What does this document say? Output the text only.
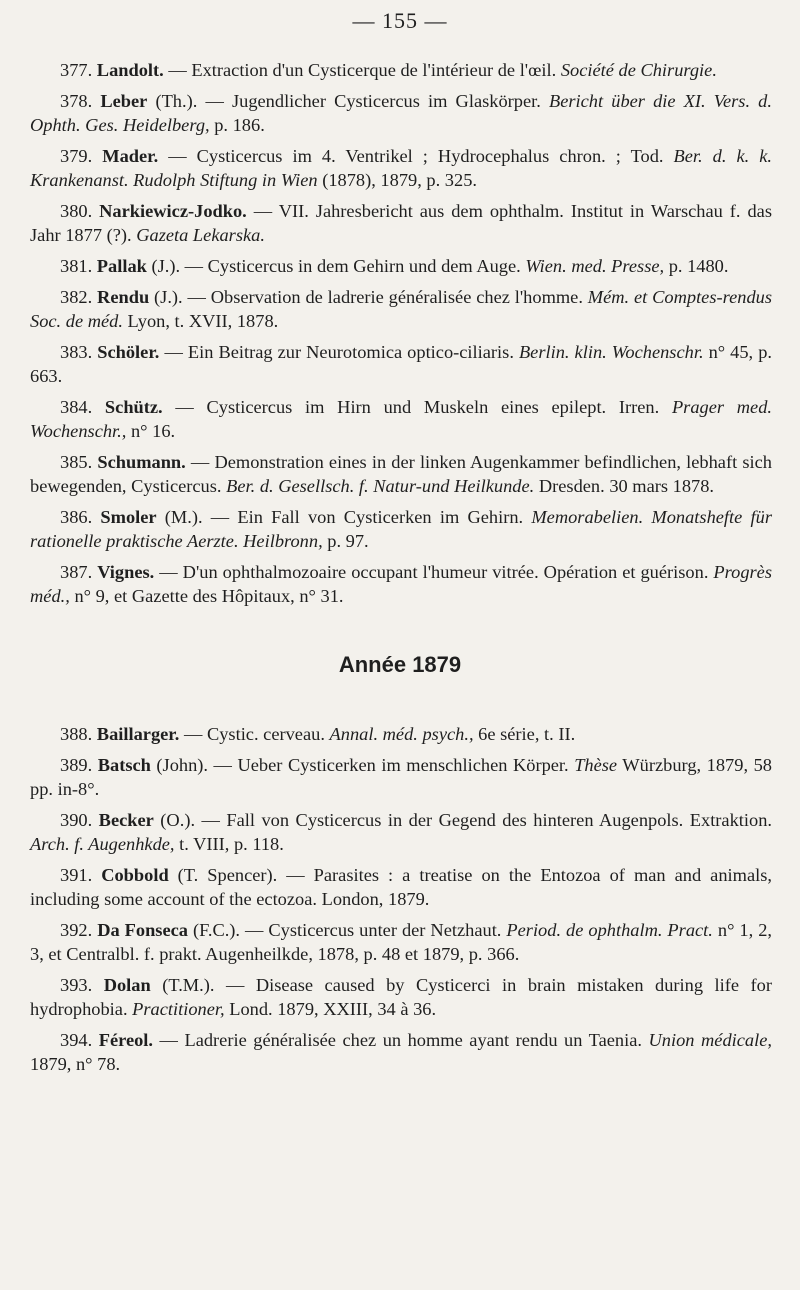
— 155 —
377. Landolt. — Extraction d'un Cysticerque de l'intérieur de l'œil. Société de Chirurgie.
378. Leber (Th.). — Jugendlicher Cysticercus im Glaskörper. Bericht über die XI. Vers. d. Ophth. Ges. Heidelberg, p. 186.
379. Mader. — Cysticercus im 4. Ventrikel ; Hydrocephalus chron. ; Tod. Ber. d. k. k. Krankenanst. Rudolph Stiftung in Wien (1878), 1879, p. 325.
380. Narkiewicz-Jodko. — VII. Jahresbericht aus dem ophthalm. Institut in Warschau f. das Jahr 1877 (?). Gazeta Lekarska.
381. Pallak (J.). — Cysticercus in dem Gehirn und dem Auge. Wien. med. Presse, p. 1480.
382. Rendu (J.). — Observation de ladrerie généralisée chez l'homme. Mém. et Comptes-rendus Soc. de méd. Lyon, t. XVII, 1878.
383. Schöler. — Ein Beitrag zur Neurotomica optico-ciliaris. Berlin. klin. Wochenschr. n° 45, p. 663.
384. Schütz. — Cysticercus im Hirn und Muskeln eines epilept. Irren. Prager med. Wochenschr., n° 16.
385. Schumann. — Demonstration eines in der linken Augenkammer befindlichen, lebhaft sich bewegenden, Cysticercus. Ber. d. Gesellsch. f. Natur-und Heilkunde. Dresden. 30 mars 1878.
386. Smoler (M.). — Ein Fall von Cysticerken im Gehirn. Memorabelien. Monatshefte für rationelle praktische Aerzte. Heilbronn, p. 97.
387. Vignes. — D'un ophthalmozoaire occupant l'humeur vitrée. Opération et guérison. Progrès méd., n° 9, et Gazette des Hôpitaux, n° 31.
Année 1879
388. Baillarger. — Cystic. cerveau. Annal. méd. psych., 6e série, t. II.
389. Batsch (John). — Ueber Cysticerken im menschlichen Körper. Thèse Würzburg, 1879, 58 pp. in-8°.
390. Becker (O.). — Fall von Cysticercus in der Gegend des hinteren Augenpols. Extraktion. Arch. f. Augenhkde, t. VIII, p. 118.
391. Cobbold (T. Spencer). — Parasites : a treatise on the Entozoa of man and animals, including some account of the ectozoa. London, 1879.
392. Da Fonseca (F.C.). — Cysticercus unter der Netzhaut. Period. de ophthalm. Pract. n° 1, 2, 3, et Centralbl. f. prakt. Augenheilkde, 1878, p. 48 et 1879, p. 366.
393. Dolan (T.M.). — Disease caused by Cysticerci in brain mistaken during life for hydrophobia. Practitioner, Lond. 1879, XXIII, 34 à 36.
394. Féreol. — Ladrerie généralisée chez un homme ayant rendu un Taenia. Union médicale, 1879, n° 78.
